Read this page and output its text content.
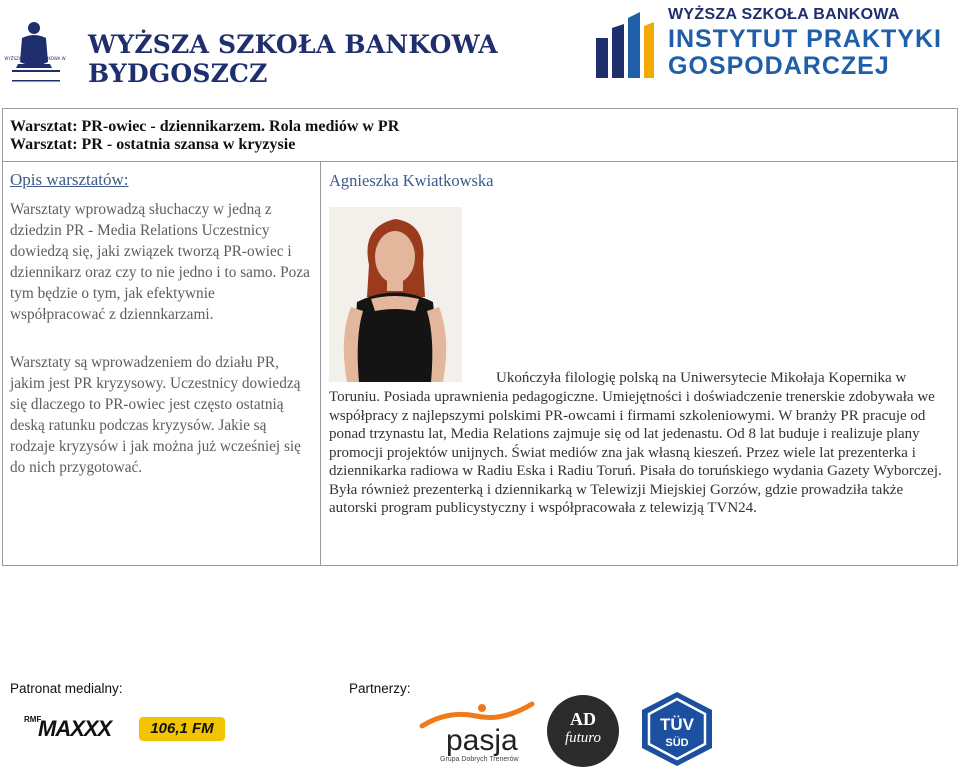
WYŻSZA SZKOŁA BANKOWA W TORUNIU
WYŻSZA SZKOŁA BANKOWA
BYDGOSZCZ
WYŻSZA SZKOŁA BANKOWA
INSTYTUT PRAKTYKI
GOSPODARCZEJ
Warsztat: PR-owiec - dziennikarzem. Rola mediów w PR
Warsztat: PR - ostatnia szansa w kryzysie
Opis warsztatów:
Warsztaty wprowadzą słuchaczy w jedną z dziedzin PR - Media Relations Uczestnicy dowiedzą się, jaki związek tworzą PR-owiec i dziennikarz oraz czy to nie jedno i to samo. Poza tym będzie o tym, jak efektywnie współpracować z dziennkarzami.
Warsztaty są wprowadzeniem do działu PR, jakim jest PR kryzysowy. Uczestnicy dowiedzą się dlaczego to PR-owiec jest często ostatnią deską ratunku podczas kryzysów. Jakie są rodzaje kryzysów i jak można już wcześniej się do nich przygotować.
Agnieszka Kwiatkowska
Ukończyła filologię polską na Uniwersytecie Mikołaja Kopernika w
Toruniu. Posiada uprawnienia pedagogiczne. Umiejętności i doświadczenie trenerskie zdobywała we współpracy z najlepszymi polskimi PR-owcami i firmami szkoleniowymi. W branży PR pracuje od ponad trzynastu lat, Media Relations zajmuje się od lat jedenastu. Od 8 lat buduje i realizuje plany promocji projektów unijnych. Świat mediów zna jak własną kieszeń. Przez wiele lat prezenterka i dziennikarka radiowa w Radiu Eska i Radiu Toruń. Pisała do toruńskiego wydania Gazety Wyborczej. Była również prezenterką i dziennikarką w Telewizji Miejskiej Gorzów, gdzie prowadziła także autorski program publicystyczny i współpracowała z telewizją TVN24.
Patronat medialny:	Partnerzy:
RMF
MAXXX	106,1 FM	pasja
Grupa Dobrych Trenerów
AD
futuro
TÜV
SÜD
